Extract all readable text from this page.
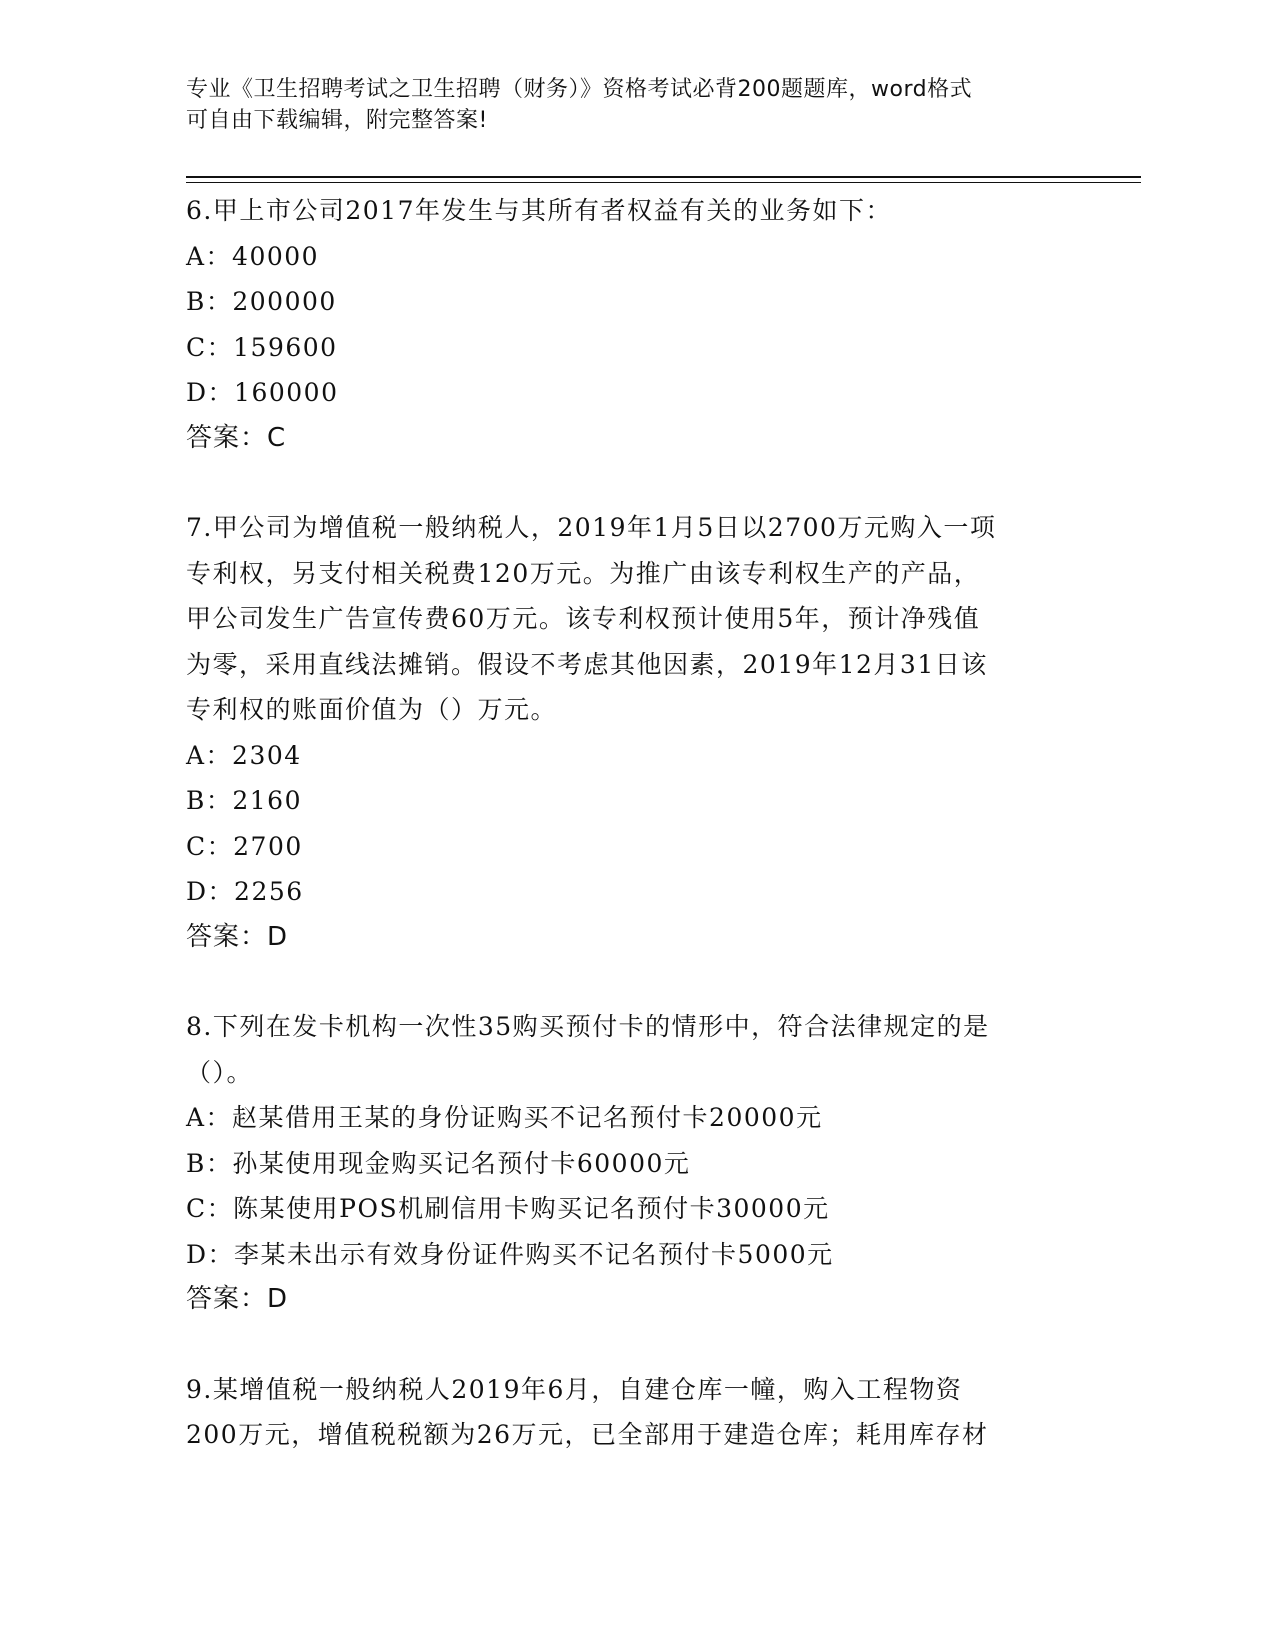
专业《卫生招聘考试之卫生招聘（财务）》资格考试必背200题题库，word格式
可自由下载编辑，附完整答案!
6.甲上市公司2017年发生与其所有者权益有关的业务如下：
A：40000
B：200000
C：159600
D：160000
答案：C
7.甲公司为增值税一般纳税人，2019年1月5日以2700万元购入一项
专利权，另支付相关税费120万元。为推广由该专利权生产的产品，
甲公司发生广告宣传费60万元。该专利权预计使用5年，预计净残值
为零，采用直线法摊销。假设不考虑其他因素，2019年12月31日该
专利权的账面价值为（）万元。
A：2304
B：2160
C：2700
D：2256
答案：D
8.下列在发卡机构一次性35购买预付卡的情形中，符合法律规定的是
（）。
A：赵某借用王某的身份证购买不记名预付卡20000元
B：孙某使用现金购买记名预付卡60000元
C：陈某使用POS机刷信用卡购买记名预付卡30000元
D：李某未出示有效身份证件购买不记名预付卡5000元
答案：D
9.某增值税一般纳税人2019年6月，自建仓库一幢，购入工程物资
200万元，增值税税额为26万元，已全部用于建造仓库；耗用库存材
